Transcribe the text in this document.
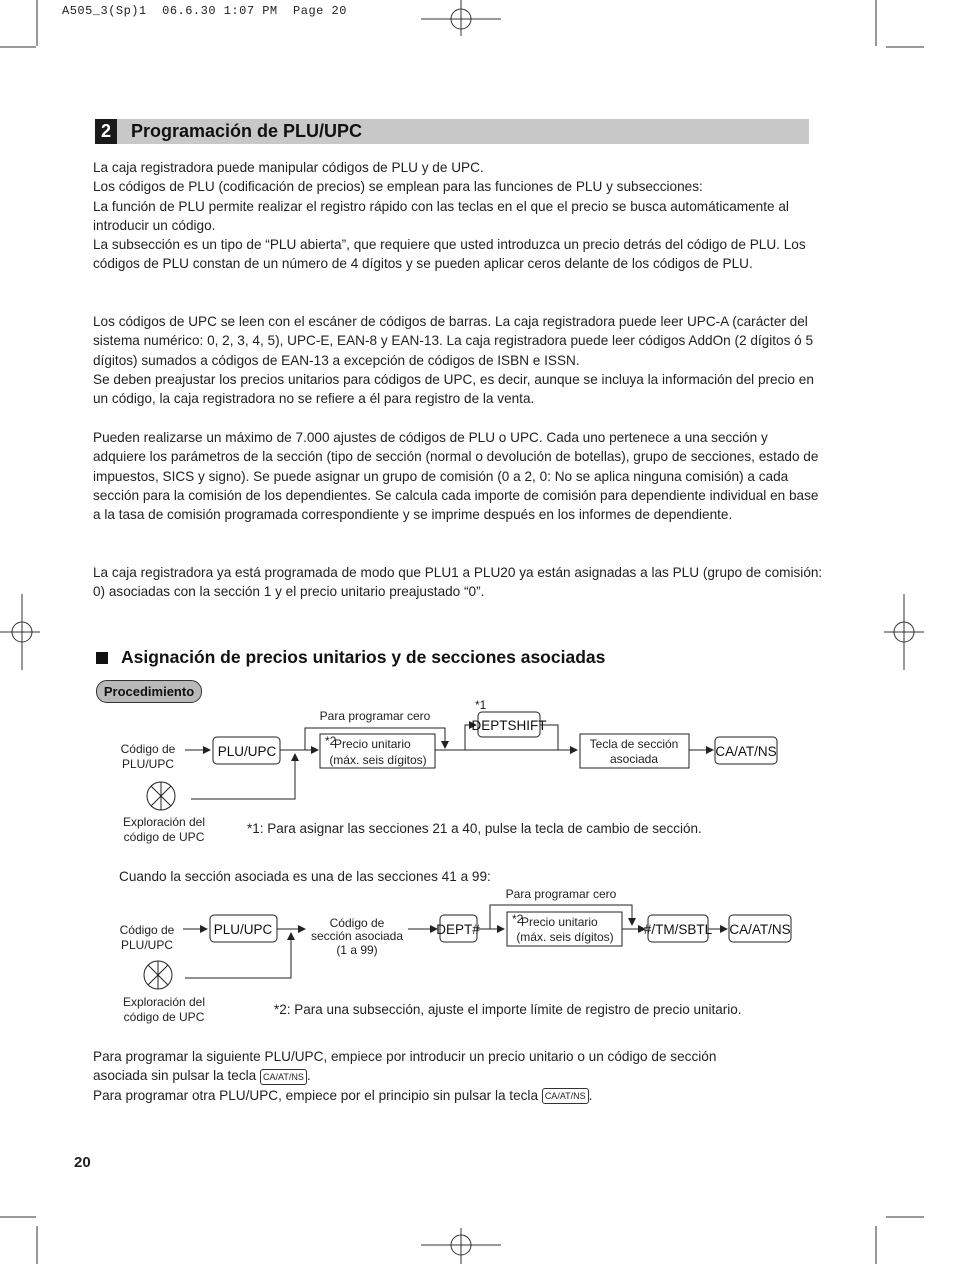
A505_3(Sp)1  06.6.30 1:07 PM  Page 20
2	Programación de PLU/UPC

La caja registradora puede manipular códigos de PLU y de UPC.

Los códigos de PLU (codificación de precios) se emplean para las funciones de PLU y subsecciones:

La función de PLU permite realizar el registro rápido con las teclas en el que el precio se busca automáticamente al introducir un código.

La subsección es un tipo de “PLU abierta”, que requiere que usted introduzca un precio detrás del código de PLU. Los códigos de PLU constan de un número de 4 dígitos y se pueden aplicar ceros delante de los códigos de PLU.

Los códigos de UPC se leen con el escáner de códigos de barras. La caja registradora puede leer UPC-A (carácter del sistema numérico: 0, 2, 3, 4, 5), UPC-E, EAN-8 y EAN-13. La caja registradora puede leer códigos AddOn (2 dígitos ó 5 dígitos) sumados a códigos de EAN-13 a excepción de códigos de ISBN e ISSN.

Se deben preajustar los precios unitarios para códigos de UPC, es decir, aunque se incluya la información del precio en un código, la caja registradora no se refiere a él para registro de la venta.

Pueden realizarse un máximo de 7.000 ajustes de códigos de PLU o UPC. Cada uno pertenece a una sección y adquiere los parámetros de la sección (tipo de sección (normal o devolución de botellas), grupo de secciones, estado de impuestos, SICS y signo). Se puede asignar un grupo de comisión (0 a 2, 0: No se aplica ninguna comisión) a cada sección para la comisión de los dependientes. Se calcula cada importe de comisión para dependiente individual en base a la tasa de comisión programada correspondiente y se imprime después en los informes de dependiente.

La caja registradora ya está programada de modo que PLU1 a PLU20 ya están asignadas a las PLU (grupo de comisión: 0) asociadas con la sección 1 y el precio unitario preajustado “0”.

Asignación de precios unitarios y de secciones asociadas
Procedimiento
Código de
PLU/UPC
PLU/UPC
Exploración del
código de UPC
Para programar cero
*2
Precio unitario
(máx. seis dígitos)
*1
DEPTSHIFT
Tecla de sección
asociada	CA/AT/NS
*1: Para asignar las secciones 21 a 40, pulse la tecla de cambio de sección.
Cuando la sección asociada es una de las secciones 41 a 99:
Código de
PLU/UPC
PLU/UPC
Exploración del
código de UPC
Código de
sección asociada
(1 a 99)
DEPT#
Para programar cero
*2
Precio unitario
(máx. seis dígitos) #/TM/SBTL CA/AT/NS
*2: Para una subsección, ajuste el importe límite de registro de precio unitario.

Para programar la siguiente PLU/UPC, empiece por introducir un precio unitario o un código de sección

asociada sin pulsar la tecla CA/AT/NS .

Para programar otra PLU/UPC, empiece por el principio sin pulsar la tecla CA/AT/NS .

20
